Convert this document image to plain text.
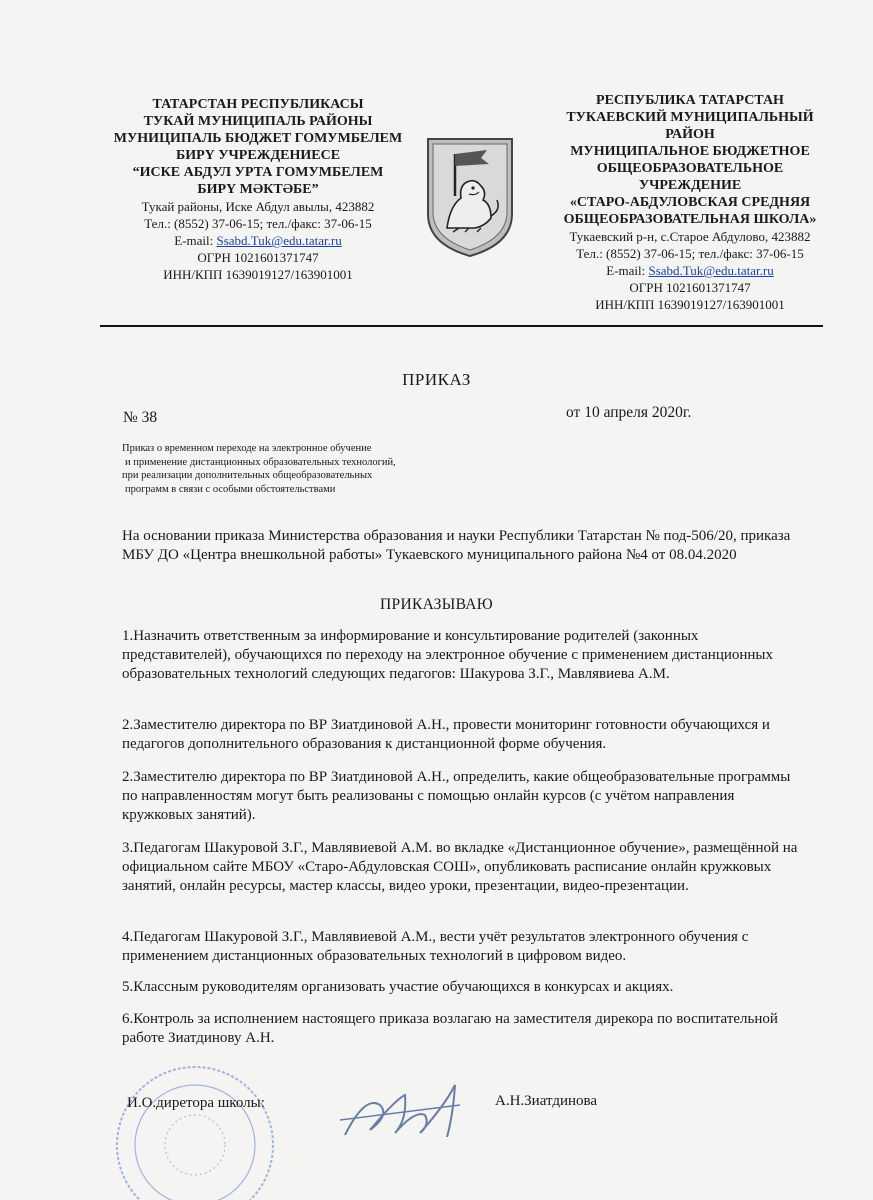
ТАТАРСТАН РЕСПУБЛИКАСЫ
ТУКАЙ МУНИЦИПАЛЬ РАЙОНЫ
МУНИЦИПАЛЬ БЮДЖЕТ ГОМУМБЕЛЕМ
БИРҮ УЧРЕЖДЕНИЕСЕ
“ИСКЕ АБДУЛ УРТА ГОМУМБЕЛЕМ
БИРҮ МӘКТӘБЕ”
Тукай районы, Иске Абдул авылы, 423882
Тел.: (8552) 37-06-15; тел./факс: 37-06-15
E-mail: Ssabd.Tuk@edu.tatar.ru
ОГРН 1021601371747
ИНН/КПП 1639019127/163901001
РЕСПУБЛИКА ТАТАРСТАН
ТУКАЕВСКИЙ МУНИЦИПАЛЬНЫЙ
РАЙОН
МУНИЦИПАЛЬНОЕ БЮДЖЕТНОЕ
ОБЩЕОБРАЗОВАТЕЛЬНОЕ
УЧРЕЖДЕНИЕ
«СТАРО-АБДУЛОВСКАЯ СРЕДНЯЯ
ОБЩЕОБРАЗОВАТЕЛЬНАЯ ШКОЛА»
Тукаевский р-н, с.Старое Абдулово, 423882
Тел.: (8552) 37-06-15; тел./факс: 37-06-15
E-mail: Ssabd.Tuk@edu.tatar.ru
ОГРН 1021601371747
ИНН/КПП 1639019127/163901001
ПРИКАЗ
№ 38	от 10 апреля 2020г.
Приказ о временном переходе на электронное обучение
и применение дистанционных образовательных технологий,
при реализации дополнительных общеобразовательных
программ в связи с особыми обстоятельствами
На основании приказа Министерства образования и науки Республики Татарстан № под-506/20, приказа МБУ ДО «Центра внешкольной работы» Тукаевского муниципального района №4 от 08.04.2020
ПРИКАЗЫВАЮ
1.Назначить ответственным за информирование и консультирование родителей (законных представителей), обучающихся по переходу на электронное обучение с применением дистанционных образовательных технологий следующих педагогов: Шакурова З.Г., Мавлявиева А.М.
2.Заместителю директора по ВР Зиатдиновой А.Н., провести мониторинг готовности обучающихся и педагогов дополнительного образования к дистанционной форме обучения.
2.Заместителю директора по ВР Зиатдиновой А.Н., определить, какие общеобразовательные программы по направленностям могут быть реализованы с помощью онлайн курсов (с учётом направления кружковых занятий).
3.Педагогам Шакуровой З.Г., Мавлявиевой А.М. во вкладке «Дистанционное обучение», размещённой на официальном сайте МБОУ «Старо-Абдуловская СОШ», опубликовать расписание онлайн кружковых занятий, онлайн ресурсы, мастер классы, видео уроки, презентации, видео-презентации.
4.Педагогам Шакуровой З.Г., Мавлявиевой А.М., вести учёт результатов электронного обучения с применением дистанционных образовательных технологий в цифровом видео.
5.Классным руководителям организовать участие обучающихся в конкурсах и акциях.
6.Контроль за исполнением настоящего приказа возлагаю на заместителя дирекора по воспитательной работе Зиатдинову А.Н.
И.О.диретора школы:	А.Н.Зиатдинова
